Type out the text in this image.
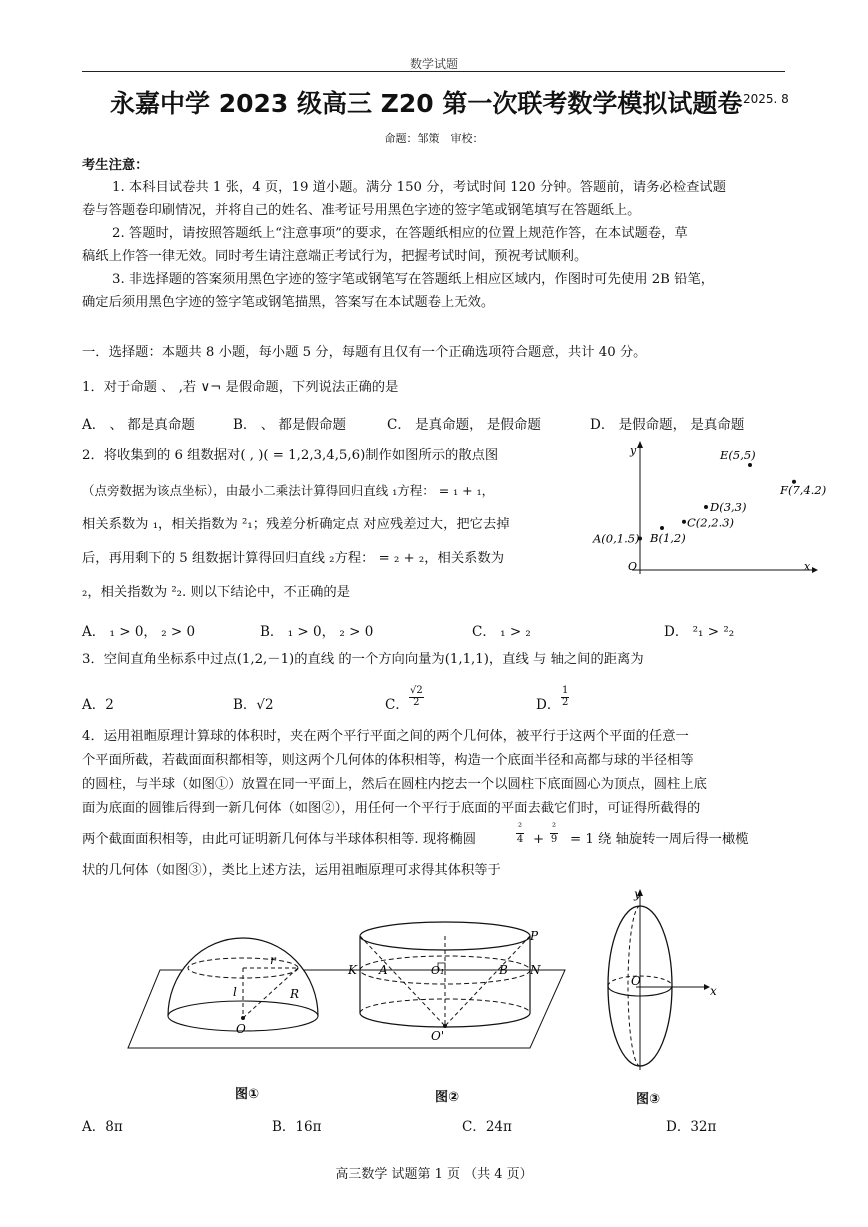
数学试题
永嘉中学 2023 级高三 Z20 第一次联考数学模拟试题卷 2025. 8
命题：邹策　审校：
考生注意：
1. 本科目试卷共 1 张，4 页，19 道小题。满分 150 分，考试时间 120 分钟。答题前，请务必检查试题
卷与答题卷印刷情况，并将自己的姓名、准考证号用黑色字迹的签字笔或钢笔填写在答题纸上。
2. 答题时，请按照答题纸上“注意事项”的要求，在答题纸相应的位置上规范作答，在本试题卷，草
稿纸上作答一律无效。同时考生请注意端正考试行为，把握考试时间，预祝考试顺利。
3. 非选择题的答案须用黑色字迹的签字笔或钢笔写在答题纸上相应区域内，作图时可先使用 2B 铅笔，
确定后须用黑色字迹的签字笔或钢笔描黑，答案写在本试题卷上无效。
一．选择题：本题共 8 小题，每小题 5 分，每题有且仅有一个正确选项符合题意，共计 40 分。
1．对于命题 、 ,若 ∨¬ 是假命题，下列说法正确的是
A． 、 都是真命题	B． 、 都是假命题	C． 是真命题， 是假命题	D． 是假命题， 是真命题
2．将收集到的 6 组数据对( , )( = 1,2,3,4,5,6)制作如图所示的散点图
（点旁数据为该点坐标），由最小二乘法计算得回归直线 ₁方程： = ₁ + ₁，
相关系数为 ₁，相关指数为 ²₁；残差分析确定点 对应残差过大，把它去掉
后，再用剩下的 5 组数据计算得回归直线 ₂方程： = ₂ + ₂，相关系数为
₂，相关指数为 ²₂. 则以下结论中，不正确的是
A． ₁ > 0， ₂ > 0	B． ₁ > 0， ₂ > 0	C． ₁ > ₂	D． ²₁ > ²₂
x
y
O
A(0,1.5) B(1,2)
C(2,2.3)
D(3,3)
E(5,5)
F(7,4.2)
3．空间直角坐标系中过点(1,2,－1)的直线 的一个方向向量为(1,1,1)，直线 与 轴之间的距离为
A．2	B．√2	C． $\frac{√2}{2}$	D． $\frac{1}{2}$
4．运用祖暅原理计算球的体积时，夹在两个平行平面之间的两个几何体，被平行于这两个平面的任意一
个平面所截，若截面面积都相等，则这两个几何体的体积相等，构造一个底面半径和高都与球的半径相等
的圆柱，与半球（如图①）放置在同一平面上，然后在圆柱内挖去一个以圆柱下底面圆心为顶点，圆柱上底
面为底面的圆锥后得到一新几何体（如图②），用任何一个平行于底面的平面去截它们时，可证得所截得的
两个截面面积相等，由此可证明新几何体与半球体积相等. 现将椭圆
²
4 +
²
9 = 1 绕 轴旋转一周后得一橄榄
状的几何体（如图③），类比上述方法，运用祖暅原理可求得其体积等于
r
l	R
O
P
K A	O₁	B N
O'
y
x
O
图①	图②	图③
A．8π	B．16π	C．24π	D．32π
高三数学 试题第 1 页 （共 4 页）
